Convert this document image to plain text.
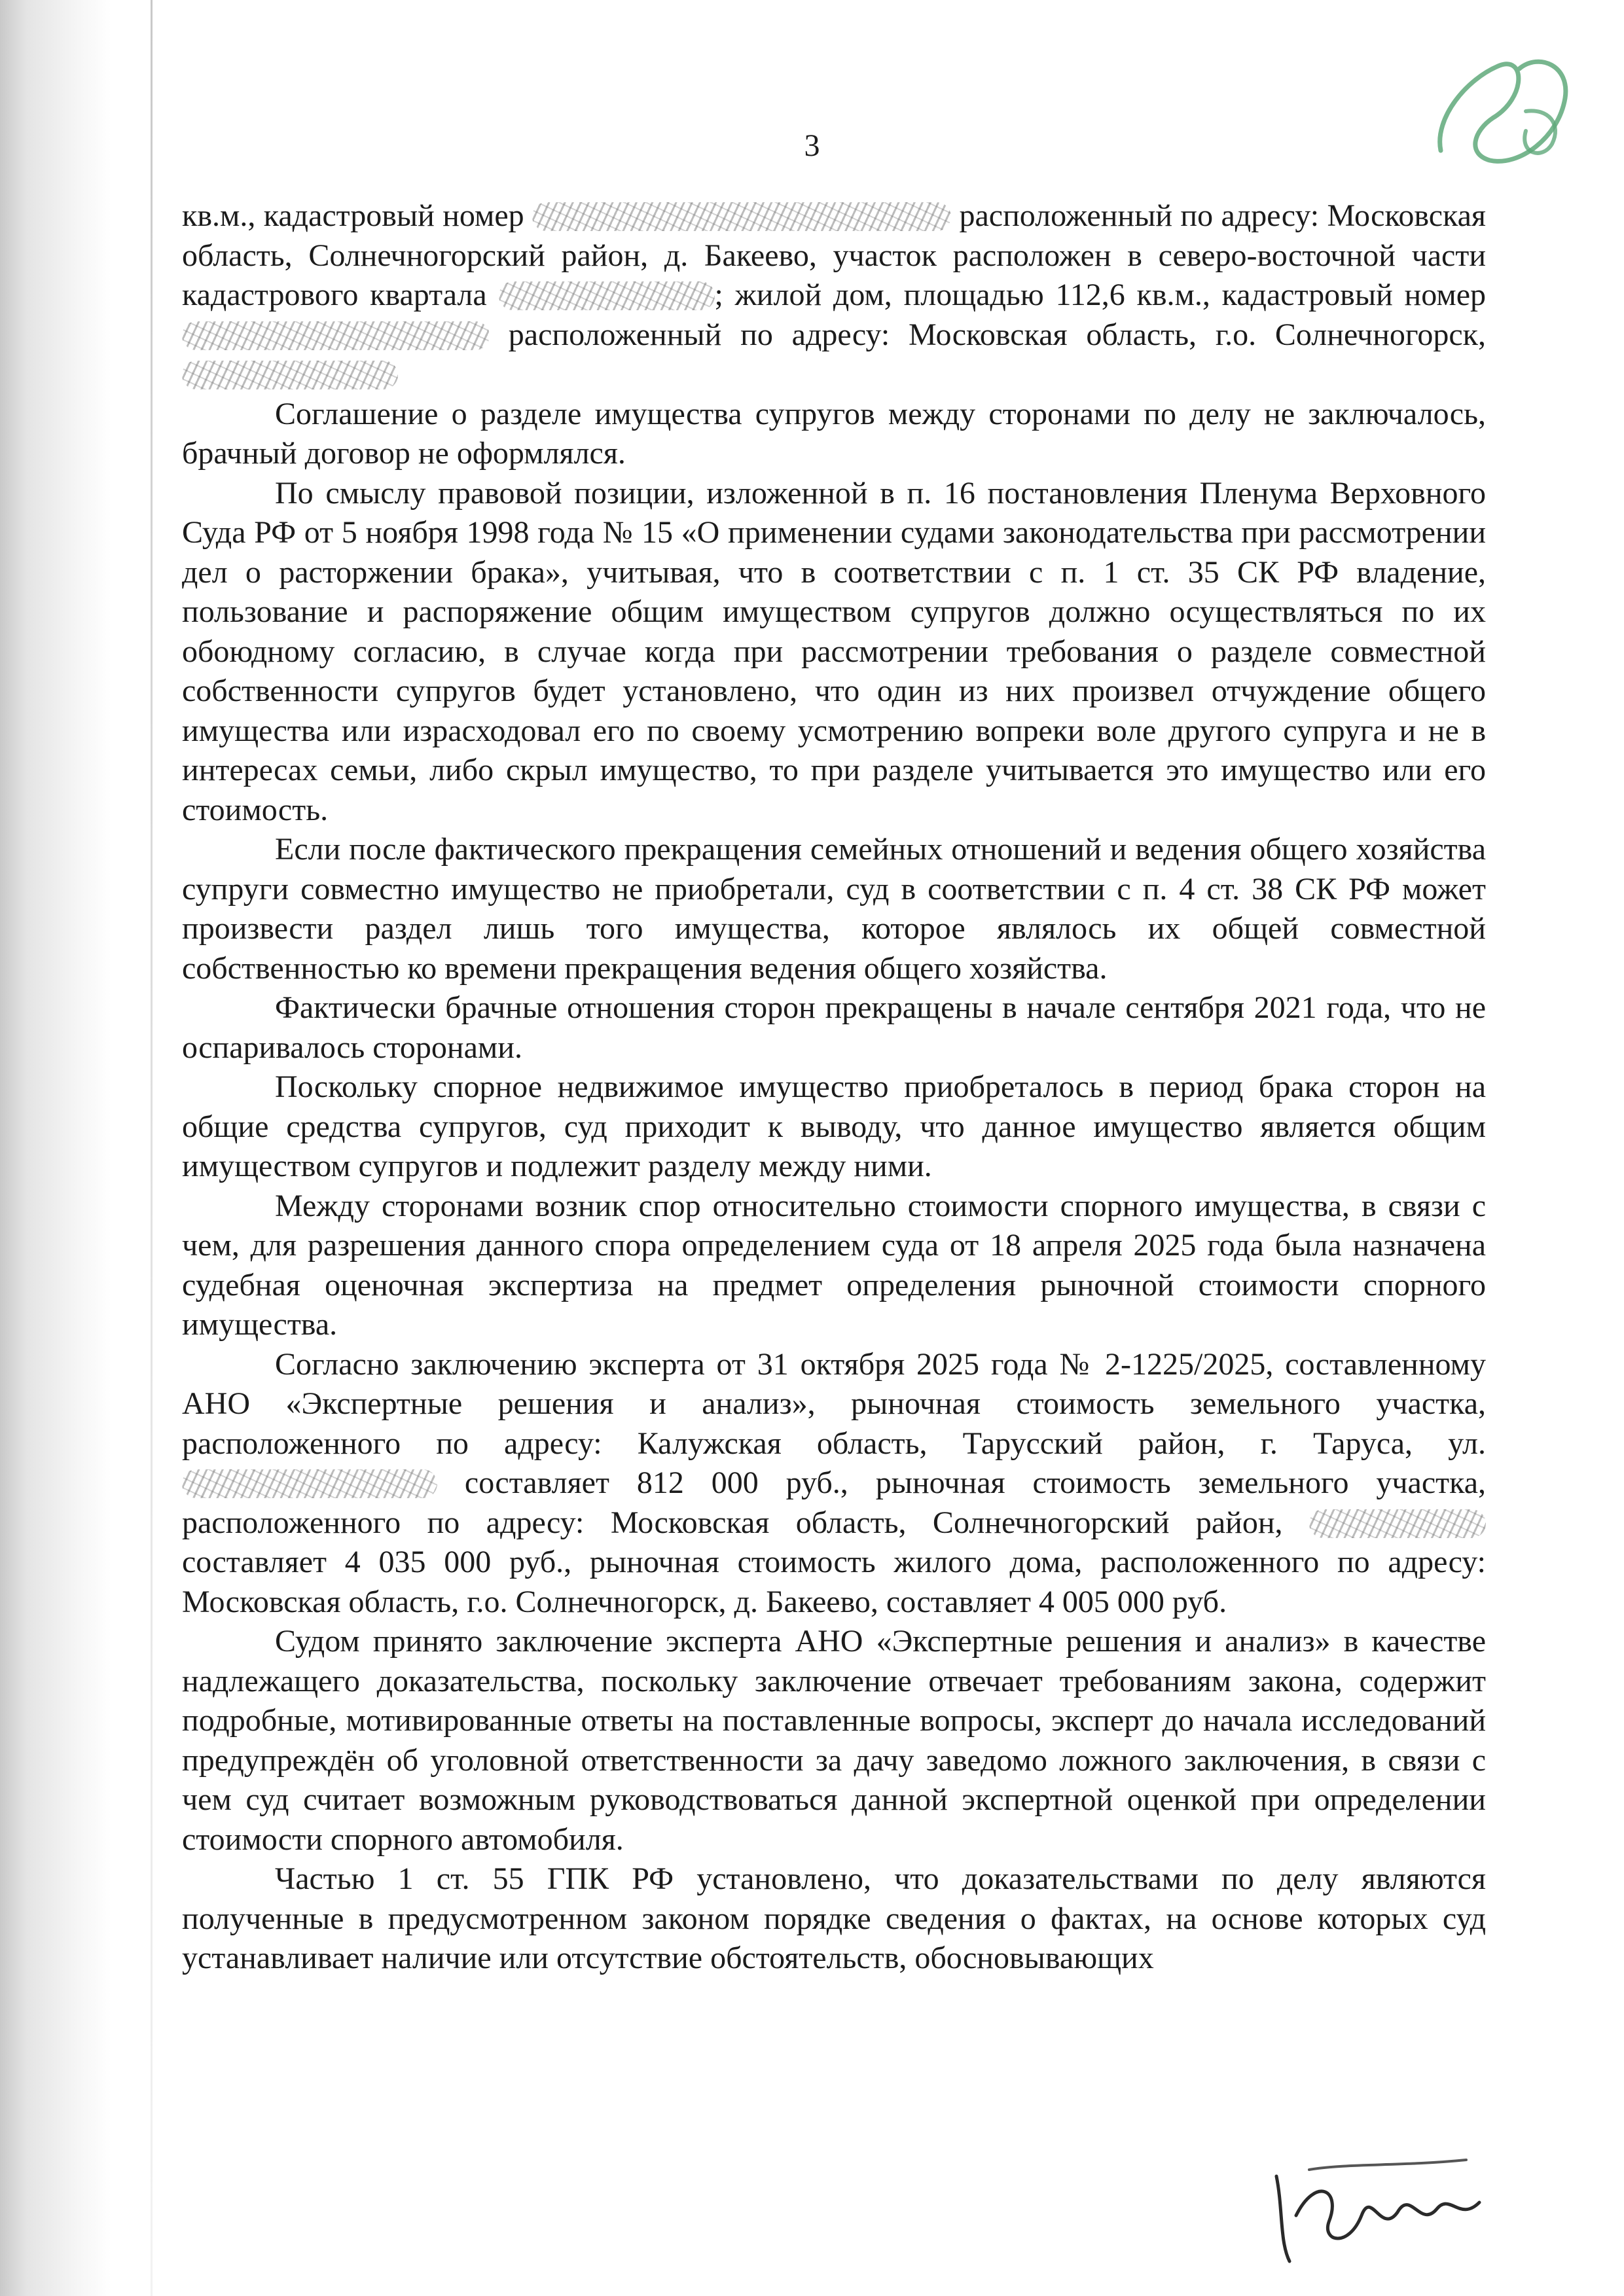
3

кв.м., кадастровый номер	расположенный по адресу: Московская область, Солнечногорский район, д. Бакеево, участок расположен в северо-восточной части кадастрового квартала	; жилой дом, площадью 112,6 кв.м., кадастровый номер  расположенный по адресу: Московская область, г.о. Солнечногорск,

Соглашение о разделе имущества супругов между сторонами по делу не заключалось, брачный договор не оформлялся.

По смыслу правовой позиции, изложенной в п. 16 постановления Пленума Верховного Суда РФ от 5 ноября 1998 года № 15 «О применении судами законодательства при рассмотрении дел о расторжении брака», учитывая, что в соответствии с п. 1 ст. 35 СК РФ владение, пользование и распоряжение общим имуществом супругов должно осуществляться по их обоюдному согласию, в случае когда при рассмотрении требования о разделе совместной собственности супругов будет установлено, что один из них произвел отчуждение общего имущества или израсходовал его по своему усмотрению вопреки воле другого супруга и не в интересах семьи, либо скрыл имущество, то при разделе учитывается это имущество или его стоимость.

Если после фактического прекращения семейных отношений и ведения общего хозяйства супруги совместно имущество не приобретали, суд в соответствии с п. 4 ст. 38 СК РФ может произвести раздел лишь того имущества, которое являлось их общей совместной собственностью ко времени прекращения ведения общего хозяйства.

Фактически брачные отношения сторон прекращены в начале сентября 2021 года, что не оспаривалось сторонами.

Поскольку спорное недвижимое имущество приобреталось в период брака сторон на общие средства супругов, суд приходит к выводу, что данное имущество является общим имуществом супругов и подлежит разделу между ними.

Между сторонами возник спор относительно стоимости спорного имущества, в связи с чем, для разрешения данного спора определением суда от 18 апреля 2025 года была назначена судебная оценочная экспертиза на предмет определения рыночной стоимости спорного имущества.

Согласно заключению эксперта от 31 октября 2025 года № 2-1225/2025, составленному АНО «Экспертные решения и анализ», рыночная стоимость земельного участка, расположенного по адресу: Калужская область, Тарусский район, г. Таруса, ул.  составляет 812 000 руб., рыночная стоимость земельного участка, расположенного по адресу: Московская область, Солнечногорский район,  составляет 4 035 000 руб., рыночная стоимость жилого дома, расположенного по адресу: Московская область, г.о. Солнечногорск, д. Бакеево, составляет 4 005 000 руб.

Судом принято заключение эксперта АНО «Экспертные решения и анализ» в качестве надлежащего доказательства, поскольку заключение отвечает требованиям закона, содержит подробные, мотивированные ответы на поставленные вопросы, эксперт до начала исследований предупреждён об уголовной ответственности за дачу заведомо ложного заключения, в связи с чем суд считает возможным руководствоваться данной экспертной оценкой при определении стоимости спорного автомобиля.

Частью 1 ст. 55 ГПК РФ установлено, что доказательствами по делу являются полученные в предусмотренном законом порядке сведения о фактах, на основе которых суд устанавливает наличие или отсутствие обстоятельств, обосновывающих
